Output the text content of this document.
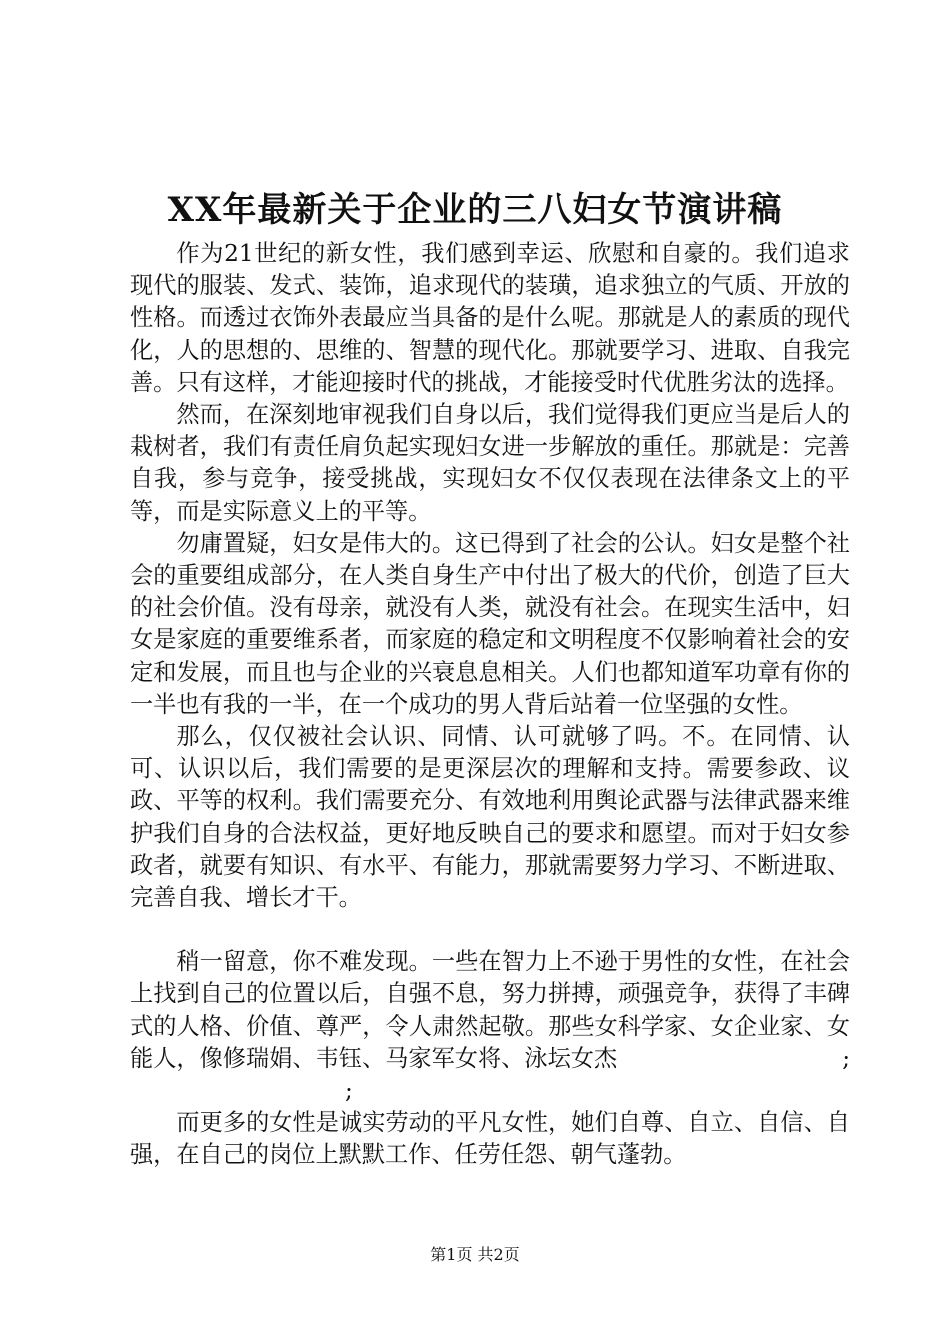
XX年最新关于企业的三八妇女节演讲稿

作为21世纪的新女性，我们感到幸运、欣慰和自豪的。我们追求现代的服装、发式、装饰，追求现代的装璜，追求独立的气质、开放的性格。而透过衣饰外表最应当具备的是什么呢。那就是人的素质的现代化，人的思想的、思维的、智慧的现代化。那就要学习、进取、自我完善。只有这样，才能迎接时代的挑战，才能接受时代优胜劣汰的选择。

然而，在深刻地审视我们自身以后，我们觉得我们更应当是后人的栽树者，我们有责任肩负起实现妇女进一步解放的重任。那就是：完善自我，参与竞争，接受挑战，实现妇女不仅仅表现在法律条文上的平等，而是实际意义上的平等。

勿庸置疑，妇女是伟大的。这已得到了社会的公认。妇女是整个社会的重要组成部分，在人类自身生产中付出了极大的代价，创造了巨大的社会价值。没有母亲，就没有人类，就没有社会。在现实生活中，妇女是家庭的重要维系者，而家庭的稳定和文明程度不仅影响着社会的安定和发展，而且也与企业的兴衰息息相关。人们也都知道军功章有你的一半也有我的一半，在一个成功的男人背后站着一位坚强的女性。

那么，仅仅被社会认识、同情、认可就够了吗。不。在同情、认可、认识以后，我们需要的是更深层次的理解和支持。需要参政、议政、平等的权利。我们需要充分、有效地利用舆论武器与法律武器来维护我们自身的合法权益，更好地反映自己的要求和愿望。而对于妇女参政者，就要有知识、有水平、有能力，那就需要努力学习、不断进取、完善自我、增长才干。

稍一留意，你不难发现。一些在智力上不逊于男性的女性，在社会上找到自己的位置以后，自强不息，努力拼搏，顽强竞争，获得了丰碑式的人格、价值、尊严，令人肃然起敬。那些女科学家、女企业家、女能人，像修瑞娟、韦钰、马家军女将、泳坛女杰	;;

而更多的女性是诚实劳动的平凡女性，她们自尊、自立、自信、自强，在自己的岗位上默默工作、任劳任怨、朝气蓬勃。

第1页 共2页
